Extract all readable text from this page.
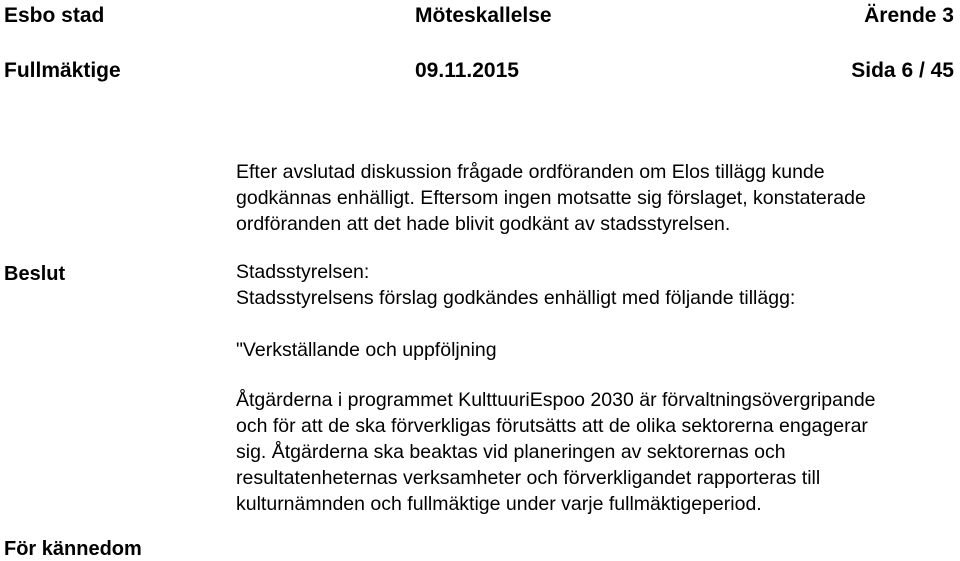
Esbo stad	Möteskallelse	Ärende 3
Fullmäktige	09.11.2015	Sida 6 / 45

Efter avslutad diskussion frågade ordföranden om Elos tillägg kunde

godkännas enhälligt. Eftersom ingen motsatte sig förslaget, konstaterade

ordföranden att det hade blivit godkänt av stadsstyrelsen.

Beslut	Stadsstyrelsen:

Stadsstyrelsens förslag godkändes enhälligt med följande tillägg:

"Verkställande och uppföljning

Åtgärderna i programmet KulttuuriEspoo 2030 är förvaltningsövergripande

och för att de ska förverkligas förutsätts att de olika sektorerna engagerar

sig. Åtgärderna ska beaktas vid planeringen av sektorernas och

resultatenheternas verksamheter och förverkligandet rapporteras till

kulturnämnden och fullmäktige under varje fullmäktigeperiod.

För kännedom
